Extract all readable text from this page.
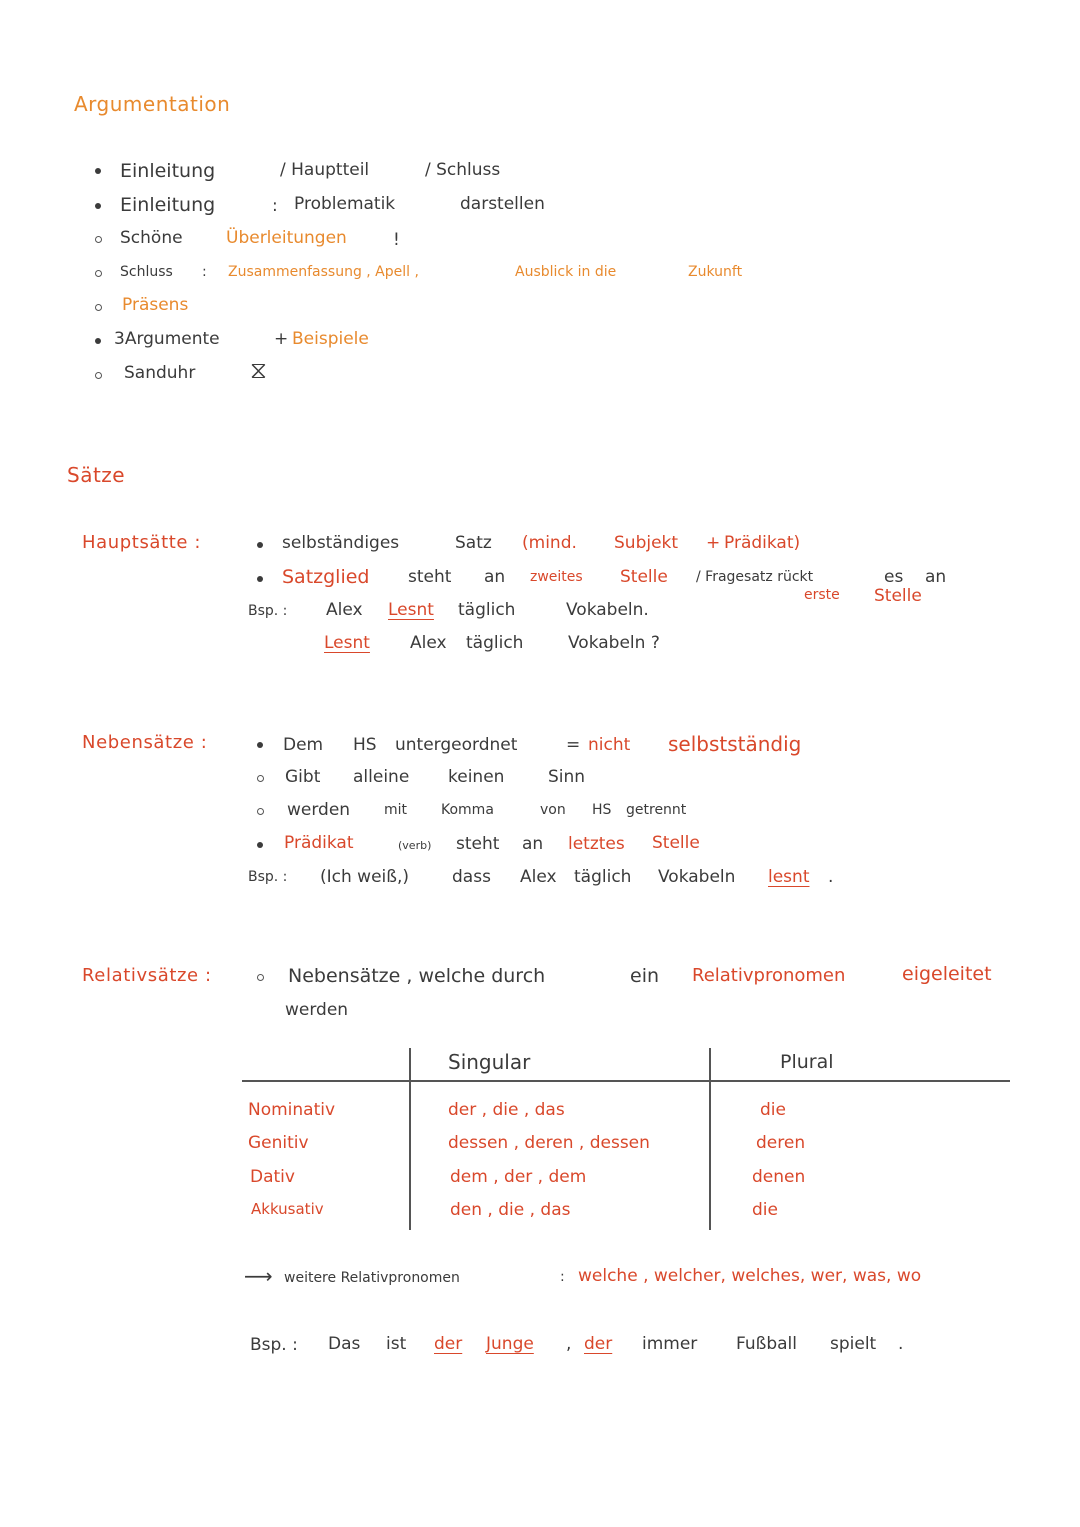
Argumentation
Einleitung	/ Hauptteil	/ Schluss
Einleitung	: Problematik	darstellen
Schöne	Überleitungen	!
Schluss : Zusammenfassung , Apell ,	Ausblick in die	Zukunft
Präsens
3Argumente	+ Beispiele
Sanduhr ⧖
Sätze
Hauptsätte :	selbständiges	Satz (mind. Subjekt + Prädikat)
Satzglied steht an zweites Stelle / Fragesatz rückt	es an
erste Stelle
Bsp. : Alex Lesnt täglich	Vokabeln.
Lesnt Alex täglich	Vokabeln ?
Nebensätze :	Dem HS untergeordnet	= nicht selbstständig
Gibt alleine keinen	Sinn
werden mit Komma	von HS getrennt
Prädikat	(verb) steht an letztes Stelle
Bsp. : (Ich weiß,)	dass Alex täglich Vokabeln lesnt .
Relativsätze :	Nebensätze , welche durch	ein Relativpronomen	eigeleitet
werden
Singular	Plural
Nominativ	der , die , das	die
Genitiv	dessen , deren , dessen	deren
Dativ	dem , der , dem	denen
Akkusativ	den , die , das	die
⟶ weitere Relativpronomen	: welche , welcher, welches, wer, was, wo
Bsp. : Das ist der Junge , der immer Fußball spielt .
